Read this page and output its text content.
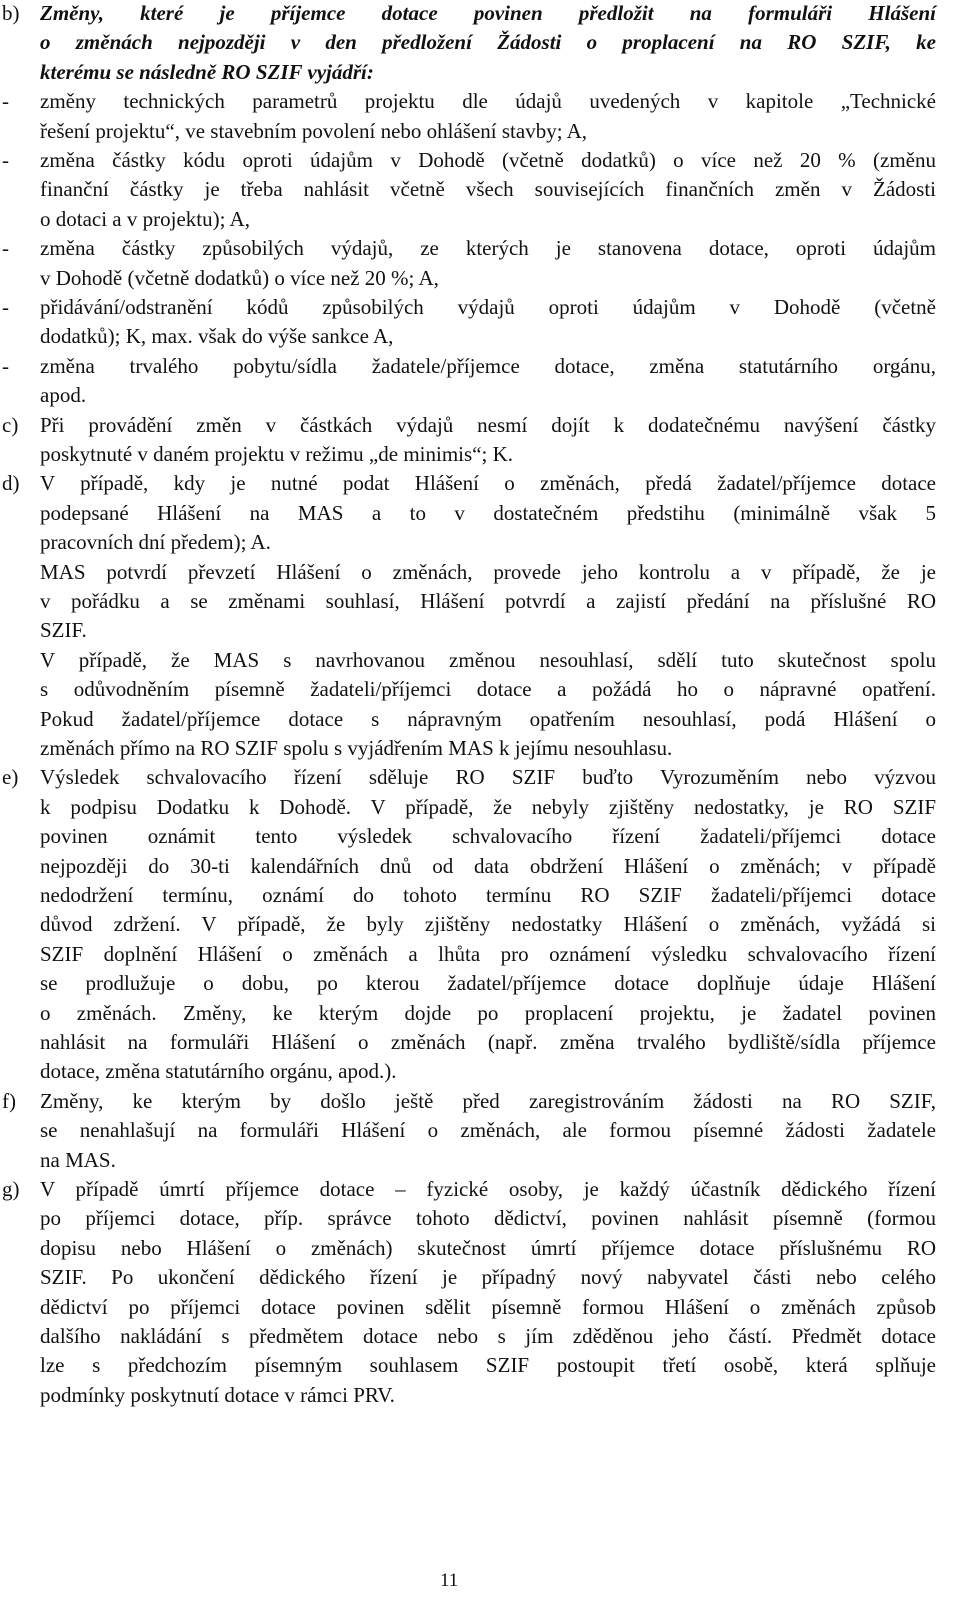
b) Změny, které je příjemce dotace povinen předložit na formuláři Hlášení
o změnách nejpozději v den předložení Žádosti o proplacení na RO SZIF, ke
kterému se následně RO SZIF vyjádří:
- změny technických parametrů projektu dle údajů uvedených v kapitole „Technické
řešení projektu“, ve stavebním povolení nebo ohlášení stavby; A,
- změna částky kódu oproti údajům v Dohodě (včetně dodatků) o více než 20 % (změnu
finanční částky je třeba nahlásit včetně všech souvisejících finančních změn v Žádosti
o dotaci a v projektu); A,
- změna částky způsobilých výdajů, ze kterých je stanovena dotace, oproti údajům
v Dohodě (včetně dodatků) o více než 20 %; A,
- přidávání/odstranění kódů způsobilých výdajů oproti údajům v Dohodě (včetně
dodatků); K, max. však do výše sankce A,
- změna trvalého pobytu/sídla žadatele/příjemce dotace, změna statutárního orgánu,
apod.
c) Při provádění změn v částkách výdajů nesmí dojít k dodatečnému navýšení částky
poskytnuté v daném projektu v režimu „de minimis“; K.
d) V případě, kdy je nutné podat Hlášení o změnách, předá žadatel/příjemce dotace
podepsané Hlášení na MAS a to v dostatečném předstihu (minimálně však 5
pracovních dní předem); A.
MAS potvrdí převzetí Hlášení o změnách, provede jeho kontrolu a v případě, že je
v pořádku a se změnami souhlasí, Hlášení potvrdí a zajistí předání na příslušné RO
SZIF.
V případě, že MAS s navrhovanou změnou nesouhlasí, sdělí tuto skutečnost spolu
s odůvodněním písemně žadateli/příjemci dotace a požádá ho o nápravné opatření.
Pokud žadatel/příjemce dotace s nápravným opatřením nesouhlasí, podá Hlášení o
změnách přímo na RO SZIF spolu s vyjádřením MAS k jejímu nesouhlasu.
e) Výsledek schvalovacího řízení sděluje RO SZIF buďto Vyrozuměním nebo výzvou
k podpisu Dodatku k Dohodě. V případě, že nebyly zjištěny nedostatky, je RO SZIF
povinen oznámit tento výsledek schvalovacího řízení žadateli/příjemci dotace
nejpozději do 30-ti kalendářních dnů od data obdržení Hlášení o změnách; v případě
nedodržení termínu, oznámí do tohoto termínu RO SZIF žadateli/příjemci dotace
důvod zdržení. V případě, že byly zjištěny nedostatky Hlášení o změnách, vyžádá si
SZIF doplnění Hlášení o změnách a lhůta pro oznámení výsledku schvalovacího řízení
se prodlužuje o dobu, po kterou žadatel/příjemce dotace doplňuje údaje Hlášení
o změnách. Změny, ke kterým dojde po proplacení projektu, je žadatel povinen
nahlásit na formuláři Hlášení o změnách (např. změna trvalého bydliště/sídla příjemce
dotace, změna statutárního orgánu, apod.).
f) Změny, ke kterým by došlo ještě před zaregistrováním žádosti na RO SZIF,
se nenahlašují na formuláři Hlášení o změnách, ale formou písemné žádosti žadatele
na MAS.
g) V případě úmrtí příjemce dotace – fyzické osoby, je každý účastník dědického řízení
po příjemci dotace, příp. správce tohoto dědictví, povinen nahlásit písemně (formou
dopisu nebo Hlášení o změnách) skutečnost úmrtí příjemce dotace příslušnému RO
SZIF. Po ukončení dědického řízení je případný nový nabyvatel části nebo celého
dědictví po příjemci dotace povinen sdělit písemně formou Hlášení o změnách způsob
dalšího nakládání s předmětem dotace nebo s jím zděděnou jeho částí. Předmět dotace
lze s předchozím písemným souhlasem SZIF postoupit třetí osobě, která splňuje
podmínky poskytnutí dotace v rámci PRV.
11
